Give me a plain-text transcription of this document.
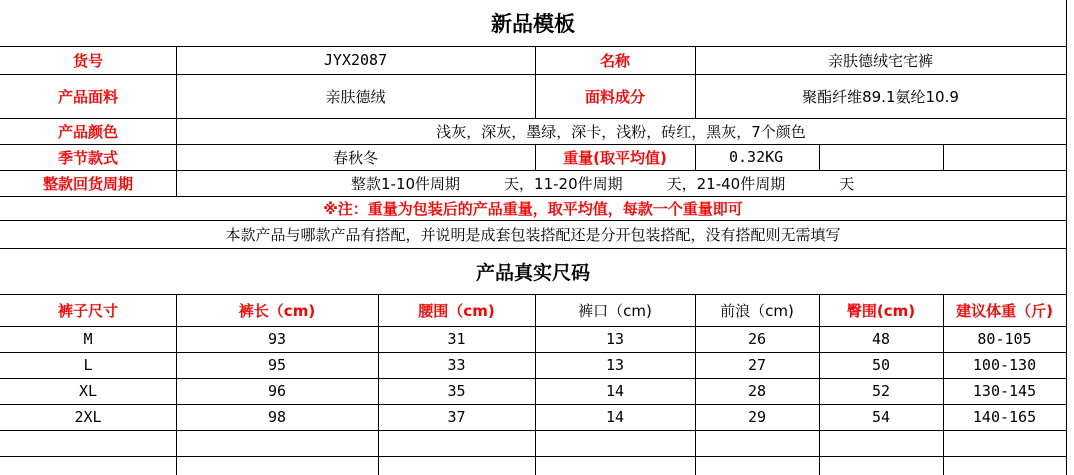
新品模板
货号	JYX2087	名称	亲肤德绒宅宅裤
产品面料	亲肤德绒	面料成分	聚酯纤维89.1氨纶10.9
产品颜色	浅灰，深灰，墨绿，深卡，浅粉，砖红，黑灰，7个颜色
季节款式	春秋冬	重量(取平均值)	0.32KG
整款回货周期	整款1-10件周期	天，11-20件周期	天，21-40件周期	天
※注：重量为包装后的产品重量，取平均值，每款一个重量即可
本款产品与哪款产品有搭配，并说明是成套包装搭配还是分开包装搭配，没有搭配则无需填写
产品真实尺码
裤子尺寸	裤长（cm)	腰围（cm)	裤口（cm)	前浪（cm)	臀围(cm)	建议体重（斤)
M	93	31	13	26	48	80-105
L	95	33	13	27	50	100-130
XL	96	35	14	28	52	130-145
2XL	98	37	14	29	54	140-165
